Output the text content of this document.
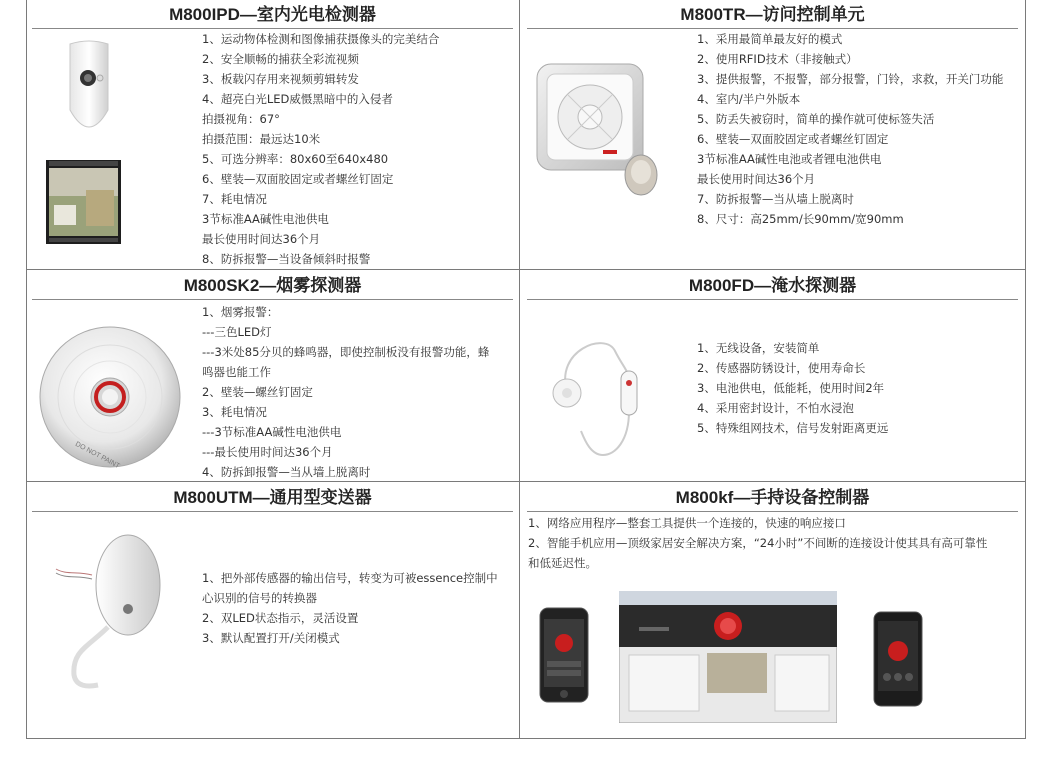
M800IPD—室内光电检测器
1、运动物体检测和图像捕获摄像头的完美结合
2、安全顺畅的捕获全彩流视频
3、板载闪存用来视频剪辑转发
4、超亮白光LED威慑黑暗中的入侵者
拍摄视角：67°
拍摄范围：最远达10米
5、可选分辨率：80x60至640x480
6、壁装—双面胶固定或者螺丝钉固定
7、耗电情况
3节标准AA碱性电池供电
最长使用时间达36个月
8、防拆报警—当设备倾斜时报警
M800TR—访问控制单元
1、采用最简单最友好的模式
2、使用RFID技术（非接触式）
3、提供报警，不报警，部分报警，门铃，求救，开关门功能
4、室内/半户外版本
5、防丢失被窃时，简单的操作就可使标签失活
6、壁装—双面胶固定或者螺丝钉固定
3节标准AA碱性电池或者锂电池供电
最长使用时间达36个月
7、防拆报警—当从墙上脱离时
8、尺寸：高25mm/长90mm/宽90mm
M800SK2—烟雾探测器
DO NOT PAINT
1、烟雾报警：
---三色LED灯
---3米处85分贝的蜂鸣器，即使控制板没有报警功能，蜂
鸣器也能工作
2、壁装—螺丝钉固定
3、耗电情况
---3节标准AA碱性电池供电
---最长使用时间达36个月
4、防拆卸报警—当从墙上脱离时
M800FD—淹水探测器
1、无线设备，安装简单
2、传感器防锈设计，使用寿命长
3、电池供电，低能耗，使用时间2年
4、采用密封设计，不怕水浸泡
5、特殊组网技术，信号发射距离更远
M800UTM—通用型变送器
1、把外部传感器的输出信号，转变为可被essence控制中
心识别的信号的转换器
2、双LED状态指示，灵活设置
3、默认配置打开/关闭模式
M800kf—手持设备控制器
1、网络应用程序—整套工具提供一个连接的，快速的响应接口
2、智能手机应用—顶级家居安全解决方案，“24小时”不间断的连接设计使其具有高可靠性
和低延迟性。
